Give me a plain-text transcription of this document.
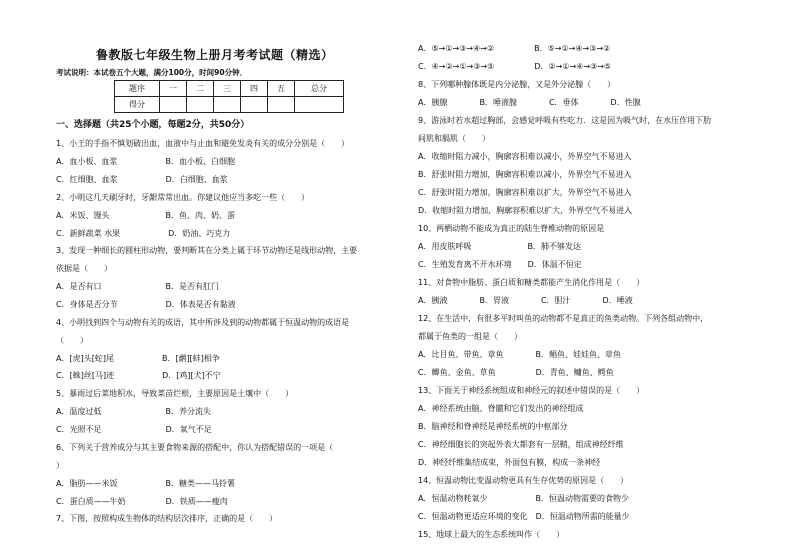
鲁教版七年级生物上册月考考试题（精选）
考试说明：本试卷五个大题，满分100分，时间90分钟．
题序	一	二	三	四	五	总分
得分						
一、选择题（共25个小题，每题2分，共50分）
1、小王的手指不慎划破出血，血液中与止血和避免发炎有关的成分分别是（　　）
A．血小板、血浆　　　　　　B．血小板、白细胞
C．红细胞、血浆　　　　　　D．白细胞、血浆
2、小明这几天刷牙时，牙龈常常出血。你建议他应当多吃一些（　　）
A．米饭、馒头　　　　　　　B．鱼、肉、奶、蛋
C．新鲜蔬菜 水果　　　　　　D．奶油、巧克力
3、发现一种细长的圆柱形动物，要判断其在分类上属于环节动物还是线形动物，主要
依据是（　　）
A．是否有口　　　　　　　　B．是否有肛门
C．身体是否分节　　　　　　D．体表是否有黏液
4、小明找到四个与动物有关的成语，其中所涉及到的动物都属于恒温动物的成语是
（　　）
A．[虎]头[蛇]尾　　　　　　B．[鹬][蚌]相争
C．[蛛]丝[马]迹　　　　　　D．[鸡][犬]不宁
5、暴雨过后菜地积水，导致菜苗烂根，主要原因是土壤中（　　）
A．温度过低　　　　　　　　B．养分流失
C．光照不足　　　　　　　　D．氧气不足
6、下列关于营养成分与其主要食物来源的搭配中，你认为搭配错误的一项是（
）
A．脂肪——米饭　　　　　　B．糖类——马铃薯
C．蛋白质——牛奶　　　　　D．铁质——瘦肉
7、下图，按照构成生物体的结构层次排序，正确的是（　　）
A．⑤→①→③→④→②　　　　　B．⑤→①→④→③→②
C．④→②→①→③→⑤　　　　　D．②→①→④→③→⑤
8、下列哪种腺体既是内分泌腺，又是外分泌腺（　　）
A．胰腺　　　　B．唾液腺　　　　C．垂体　　　　D．性腺
9、游泳时若水超过胸部，会感觉呼吸有些吃力．这是因为吸气时，在水压作用下肋
间肌和膈肌（　　）
A．收缩时阻力减小，胸廓容积难以减小，外界空气不易进入
B．舒张时阻力增加，胸廓容积难以减小，外界空气不易进入
C．舒张时阻力增加，胸廓容积难以扩大，外界空气不易进入
D．收缩时阻力增加，胸廓容积难以扩大，外界空气不易进入
10、两栖动物不能成为真正的陆生脊椎动物的原因是
A．用皮肤呼吸　　　　　　　B．肺不够发达
C．生殖发育离不开水环境　　D．体温不恒定
11、对食物中脂肪、蛋白质和糖类都能产生消化作用是（　　）
A．胰液　　　　B．胃液　　　　C．胆汁　　　　D．唾液
12、在生活中，有很多平时叫鱼的动物都不是真正的鱼类动物。下列各组动物中，
都属于鱼类的一组是（　　）
A．比目鱼、带鱼、章鱼　　　　B．鲳鱼、娃娃鱼、章鱼
C．鲫鱼、金鱼、草鱼　　　　　D．青鱼、鳙鱼、鳄鱼
13、下面关于神经系统组成和神经元的叙述中错误的是（　　）
A．神经系统由脑、脊髓和它们发出的神经组成
B．脑神经和脊神经是神经系统的中枢部分
C．神经细胞长的突起外表大都套有一层鞘，组成神经纤维
D．神经纤维集结成束，外面包有膜，构成一条神经
14、恒温动物比变温动物更具有生存优势的原因是（　　）
A．恒温动物耗氧少　　　　　　B．恒温动物需要的食物少
C．恒温动物更适应环境的变化　D．恒温动物所需的能量少
15、地球上最大的生态系统叫作（　　）
